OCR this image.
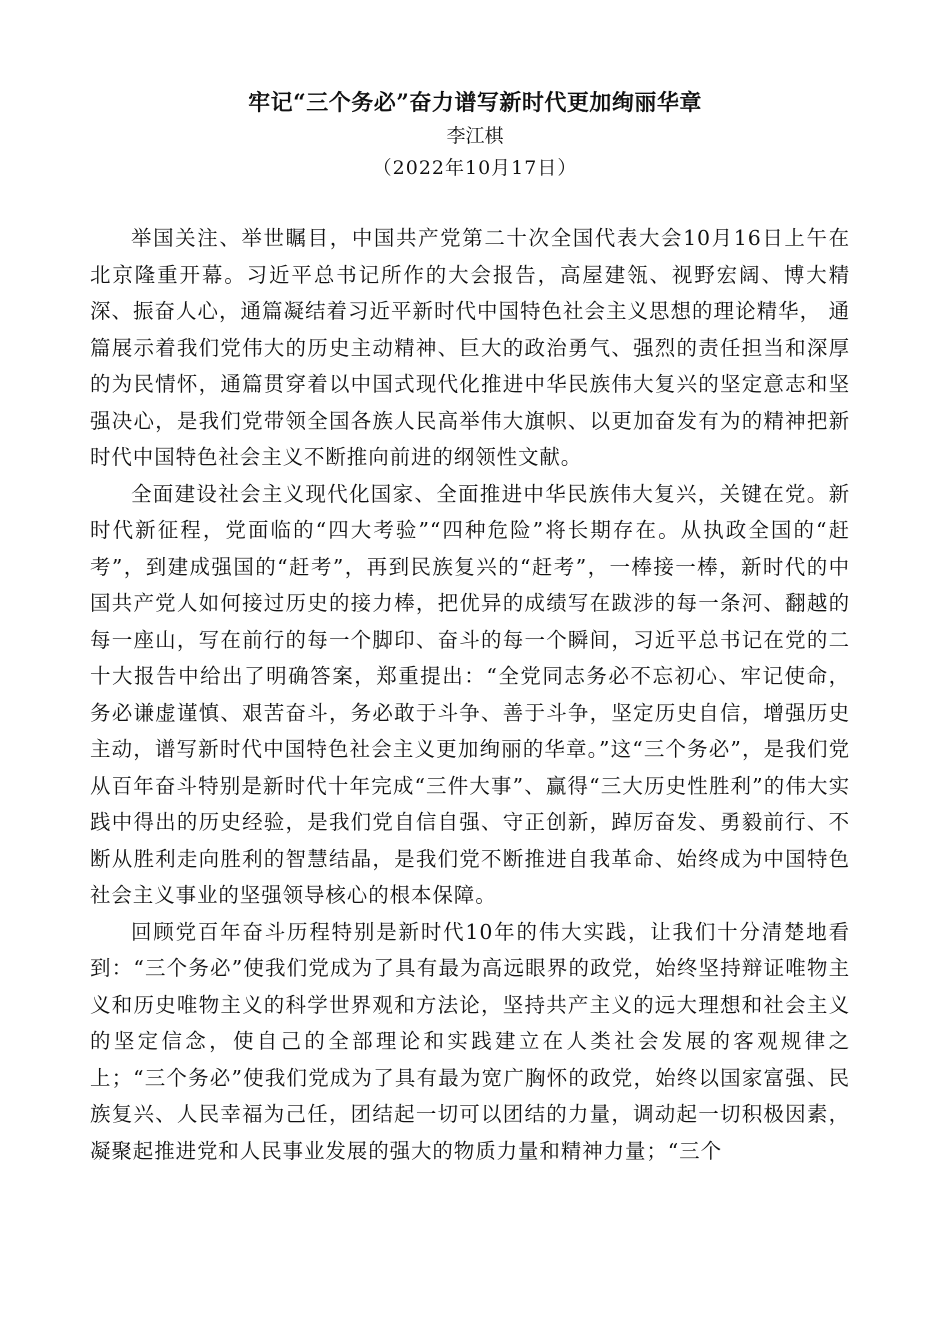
牢记“三个务必”奋力谱写新时代更加绚丽华章
李江棋
（2022年10月17日）

举国关注、举世瞩目，中国共产党第二十次全国代表大会10月16日上午在北京隆重开幕。习近平总书记所作的大会报告，高屋建瓴、视野宏阔、博大精深、振奋人心，通篇凝结着习近平新时代中国特色社会主义思想的理论精华， 通篇展示着我们党伟大的历史主动精神、巨大的政治勇气、强烈的责任担当和深厚的为民情怀，通篇贯穿着以中国式现代化推进中华民族伟大复兴的坚定意志和坚强决心，是我们党带领全国各族人民高举伟大旗帜、以更加奋发有为的精神把新时代中国特色社会主义不断推向前进的纲领性文献。

全面建设社会主义现代化国家、全面推进中华民族伟大复兴，关键在党。新时代新征程，党面临的“四大考验”“四种危险”将长期存在。从执政全国的“赶考”，到建成强国的“赶考”，再到民族复兴的“赶考”，一棒接一棒，新时代的中国共产党人如何接过历史的接力棒，把优异的成绩写在跋涉的每一条河、翻越的每一座山，写在前行的每一个脚印、奋斗的每一个瞬间，习近平总书记在党的二十大报告中给出了明确答案，郑重提出：“全党同志务必不忘初心、牢记使命，务必谦虚谨慎、艰苦奋斗，务必敢于斗争、善于斗争，坚定历史自信，增强历史主动，谱写新时代中国特色社会主义更加绚丽的华章。”这“三个务必”，是我们党从百年奋斗特别是新时代十年完成“三件大事”、赢得“三大历史性胜利”的伟大实践中得出的历史经验，是我们党自信自强、守正创新，踔厉奋发、勇毅前行、不断从胜利走向胜利的智慧结晶，是我们党不断推进自我革命、始终成为中国特色社会主义事业的坚强领导核心的根本保障。

回顾党百年奋斗历程特别是新时代10年的伟大实践，让我们十分清楚地看到：“三个务必”使我们党成为了具有最为高远眼界的政党，始终坚持辩证唯物主义和历史唯物主义的科学世界观和方法论，坚持共产主义的远大理想和社会主义的坚定信念，使自己的全部理论和实践建立在人类社会发展的客观规律之上；“三个务必”使我们党成为了具有最为宽广胸怀的政党，始终以国家富强、民族复兴、人民幸福为己任，团结起一切可以团结的力量，调动起一切积极因素，凝聚起推进党和人民事业发展的强大的物质力量和精神力量；“三个
